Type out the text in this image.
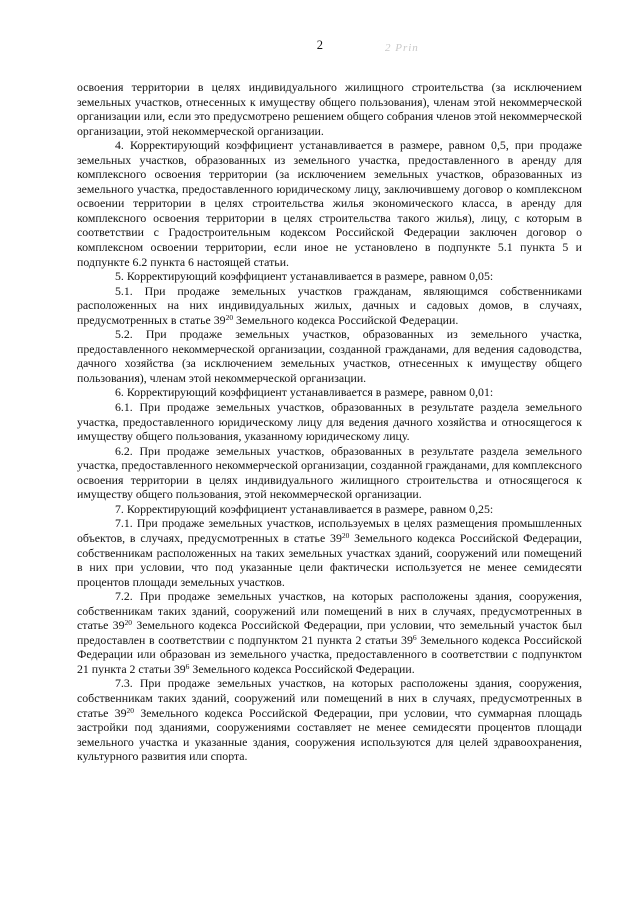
2	2 Prin

освоения территории в целях индивидуального жилищного строительства (за исключением земельных участков, отнесенных к имуществу общего пользования), членам этой некоммерческой организации или, если это предусмотрено решением общего собрания членов этой некоммерческой организации, этой некоммерческой организации.

4. Корректирующий коэффициент устанавливается в размере, равном 0,5, при продаже земельных участков, образованных из земельного участка, предоставленного в аренду для комплексного освоения территории (за исключением земельных участков, образованных из земельного участка, предоставленного юридическому лицу, заключившему договор о комплексном освоении территории в целях строительства жилья экономического класса, в аренду для комплексного освоения территории в целях строительства такого жилья), лицу, с которым в соответствии с Градостроительным кодексом Российской Федерации заключен договор о комплексном освоении территории, если иное не установлено в подпункте 5.1 пункта 5 и подпункте 6.2 пункта 6 настоящей статьи.

5. Корректирующий коэффициент устанавливается в размере, равном 0,05:

5.1. При продаже земельных участков гражданам, являющимся собственниками расположенных на них индивидуальных жилых, дачных и садовых домов, в случаях, предусмотренных в статье $39^{20}$ Земельного кодекса Российской Федерации.

5.2. При продаже земельных участков, образованных из земельного участка, предоставленного некоммерческой организации, созданной гражданами, для ведения садоводства, дачного хозяйства (за исключением земельных участков, отнесенных к имуществу общего пользования), членам этой некоммерческой организации.

6. Корректирующий коэффициент устанавливается в размере, равном 0,01:

6.1. При продаже земельных участков, образованных в результате раздела земельного участка, предоставленного юридическому лицу для ведения дачного хозяйства и относящегося к имуществу общего пользования, указанному юридическому лицу.

6.2. При продаже земельных участков, образованных в результате раздела земельного участка, предоставленного некоммерческой организации, созданной гражданами, для комплексного освоения территории в целях индивидуального жилищного строительства и относящегося к имуществу общего пользования, этой некоммерческой организации.

7. Корректирующий коэффициент устанавливается в размере, равном 0,25:

7.1. При продаже земельных участков, используемых в целях размещения промышленных объектов, в случаях, предусмотренных в статье $39^{20}$ Земельного кодекса Российской Федерации, собственникам расположенных на таких земельных участках зданий, сооружений или помещений в них при условии, что под указанные цели фактически используется не менее семидесяти процентов площади земельных участков.

7.2. При продаже земельных участков, на которых расположены здания, сооружения, собственникам таких зданий, сооружений или помещений в них в случаях, предусмотренных в статье $39^{20}$ Земельного кодекса Российской Федерации, при условии, что земельный участок был предоставлен в соответствии с подпунктом 21 пункта 2 статьи $39^6$ Земельного кодекса Российской Федерации или образован из земельного участка, предоставленного в соответствии с подпунктом 21 пункта 2 статьи $39^6$ Земельного кодекса Российской Федерации.

7.3. При продаже земельных участков, на которых расположены здания, сооружения, собственникам таких зданий, сооружений или помещений в них в случаях, предусмотренных в статье $39^{20}$ Земельного кодекса Российской Федерации, при условии, что суммарная площадь застройки под зданиями, сооружениями составляет не менее семидесяти процентов площади земельного участка и указанные здания, сооружения используются для целей здравоохранения, культурного развития или спорта.
